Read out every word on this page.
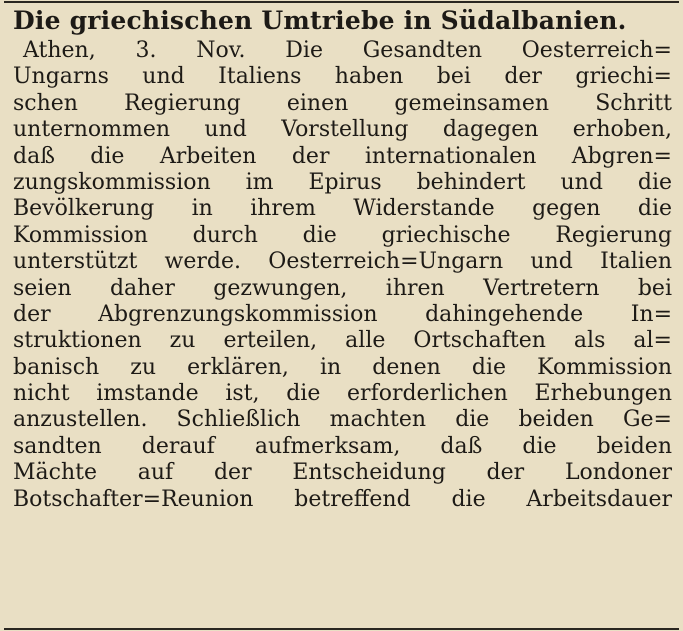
Die griechischen Umtriebe in Südalbanien.
Athen, 3. Nov. Die Gesandten Oesterreich=
Ungarns und Italiens haben bei der griechi=
schen Regierung einen gemeinsamen Schritt
unternommen und Vorstellung dagegen erhoben,
daß die Arbeiten der internationalen Abgren=
zungskommission im Epirus behindert und die
Bevölkerung in ihrem Widerstande gegen die
Kommission durch die griechische Regierung
unterstützt werde. Oesterreich=Ungarn und Italien
seien daher gezwungen, ihren Vertretern bei
der Abgrenzungskommission dahingehende In=
struktionen zu erteilen, alle Ortschaften als al=
banisch zu erklären, in denen die Kommission
nicht imstande ist, die erforderlichen Erhebungen
anzustellen. Schließlich machten die beiden Ge=
sandten derauf aufmerksam, daß die beiden
Mächte auf der Entscheidung der Londoner
Botschafter=Reunion betreffend die Arbeitsdauer
